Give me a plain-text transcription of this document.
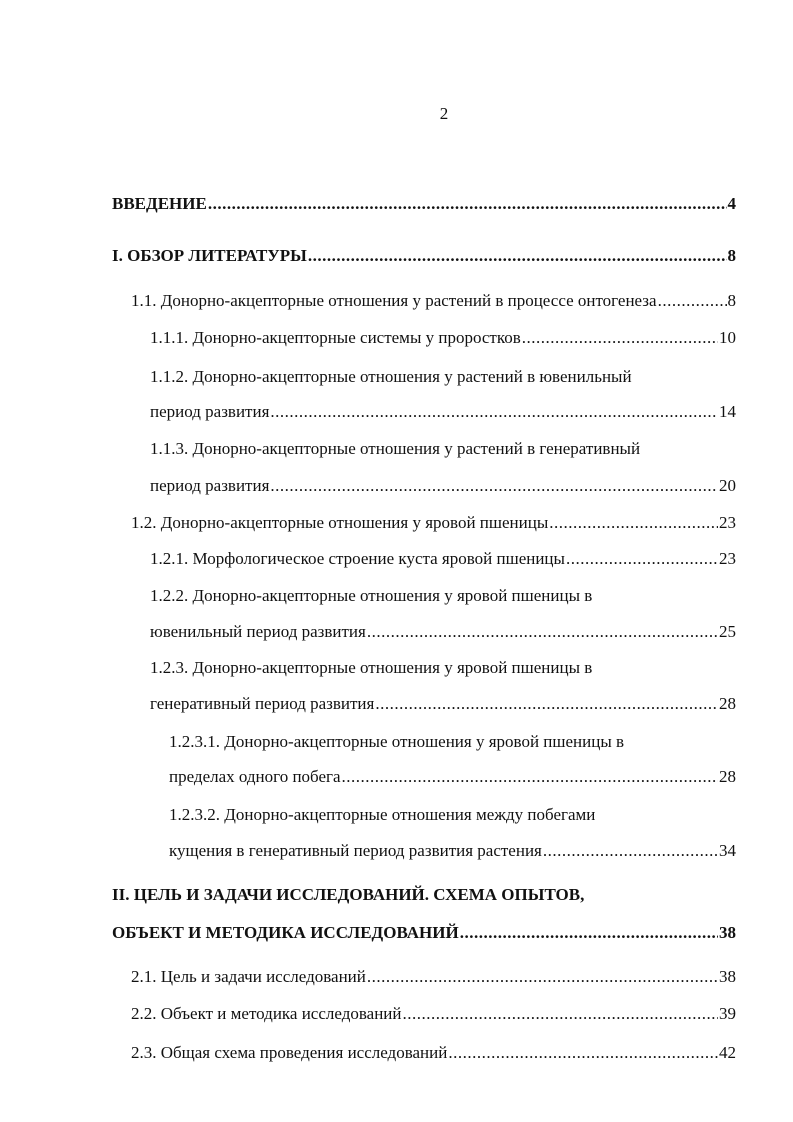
2
ВВЕДЕНИЕ .....	4
I. ОБЗОР ЛИТЕРАТУРЫ .....	8
1.1. Донорно-акцепторные отношения у растений в процессе онтогенеза .....	8
1.1.1. Донорно-акцепторные системы у проростков .....	10
1.1.2. Донорно-акцепторные отношения у растений в ювенильный
период развития .....	14
1.1.3. Донорно-акцепторные отношения у растений в генеративный
период развития .....	20
1.2. Донорно-акцепторные отношения у яровой пшеницы .....	23
1.2.1. Морфологическое строение куста яровой пшеницы .....	23
1.2.2. Донорно-акцепторные отношения у яровой пшеницы в
ювенильный период развития .....	25
1.2.3. Донорно-акцепторные отношения у яровой пшеницы в
генеративный период развития .....	28
1.2.3.1. Донорно-акцепторные отношения у яровой пшеницы в
пределах одного побега .....	28
1.2.3.2. Донорно-акцепторные отношения между побегами
кущения в генеративный период развития растения .....	34
II. ЦЕЛЬ И ЗАДАЧИ ИССЛЕДОВАНИЙ. СХЕМА ОПЫТОВ,
ОБЪЕКТ И МЕТОДИКА ИССЛЕДОВАНИЙ .....	38
2.1. Цель и задачи исследований .....	38
2.2. Объект и методика исследований .....	39
2.3. Общая схема проведения исследований .....	42
